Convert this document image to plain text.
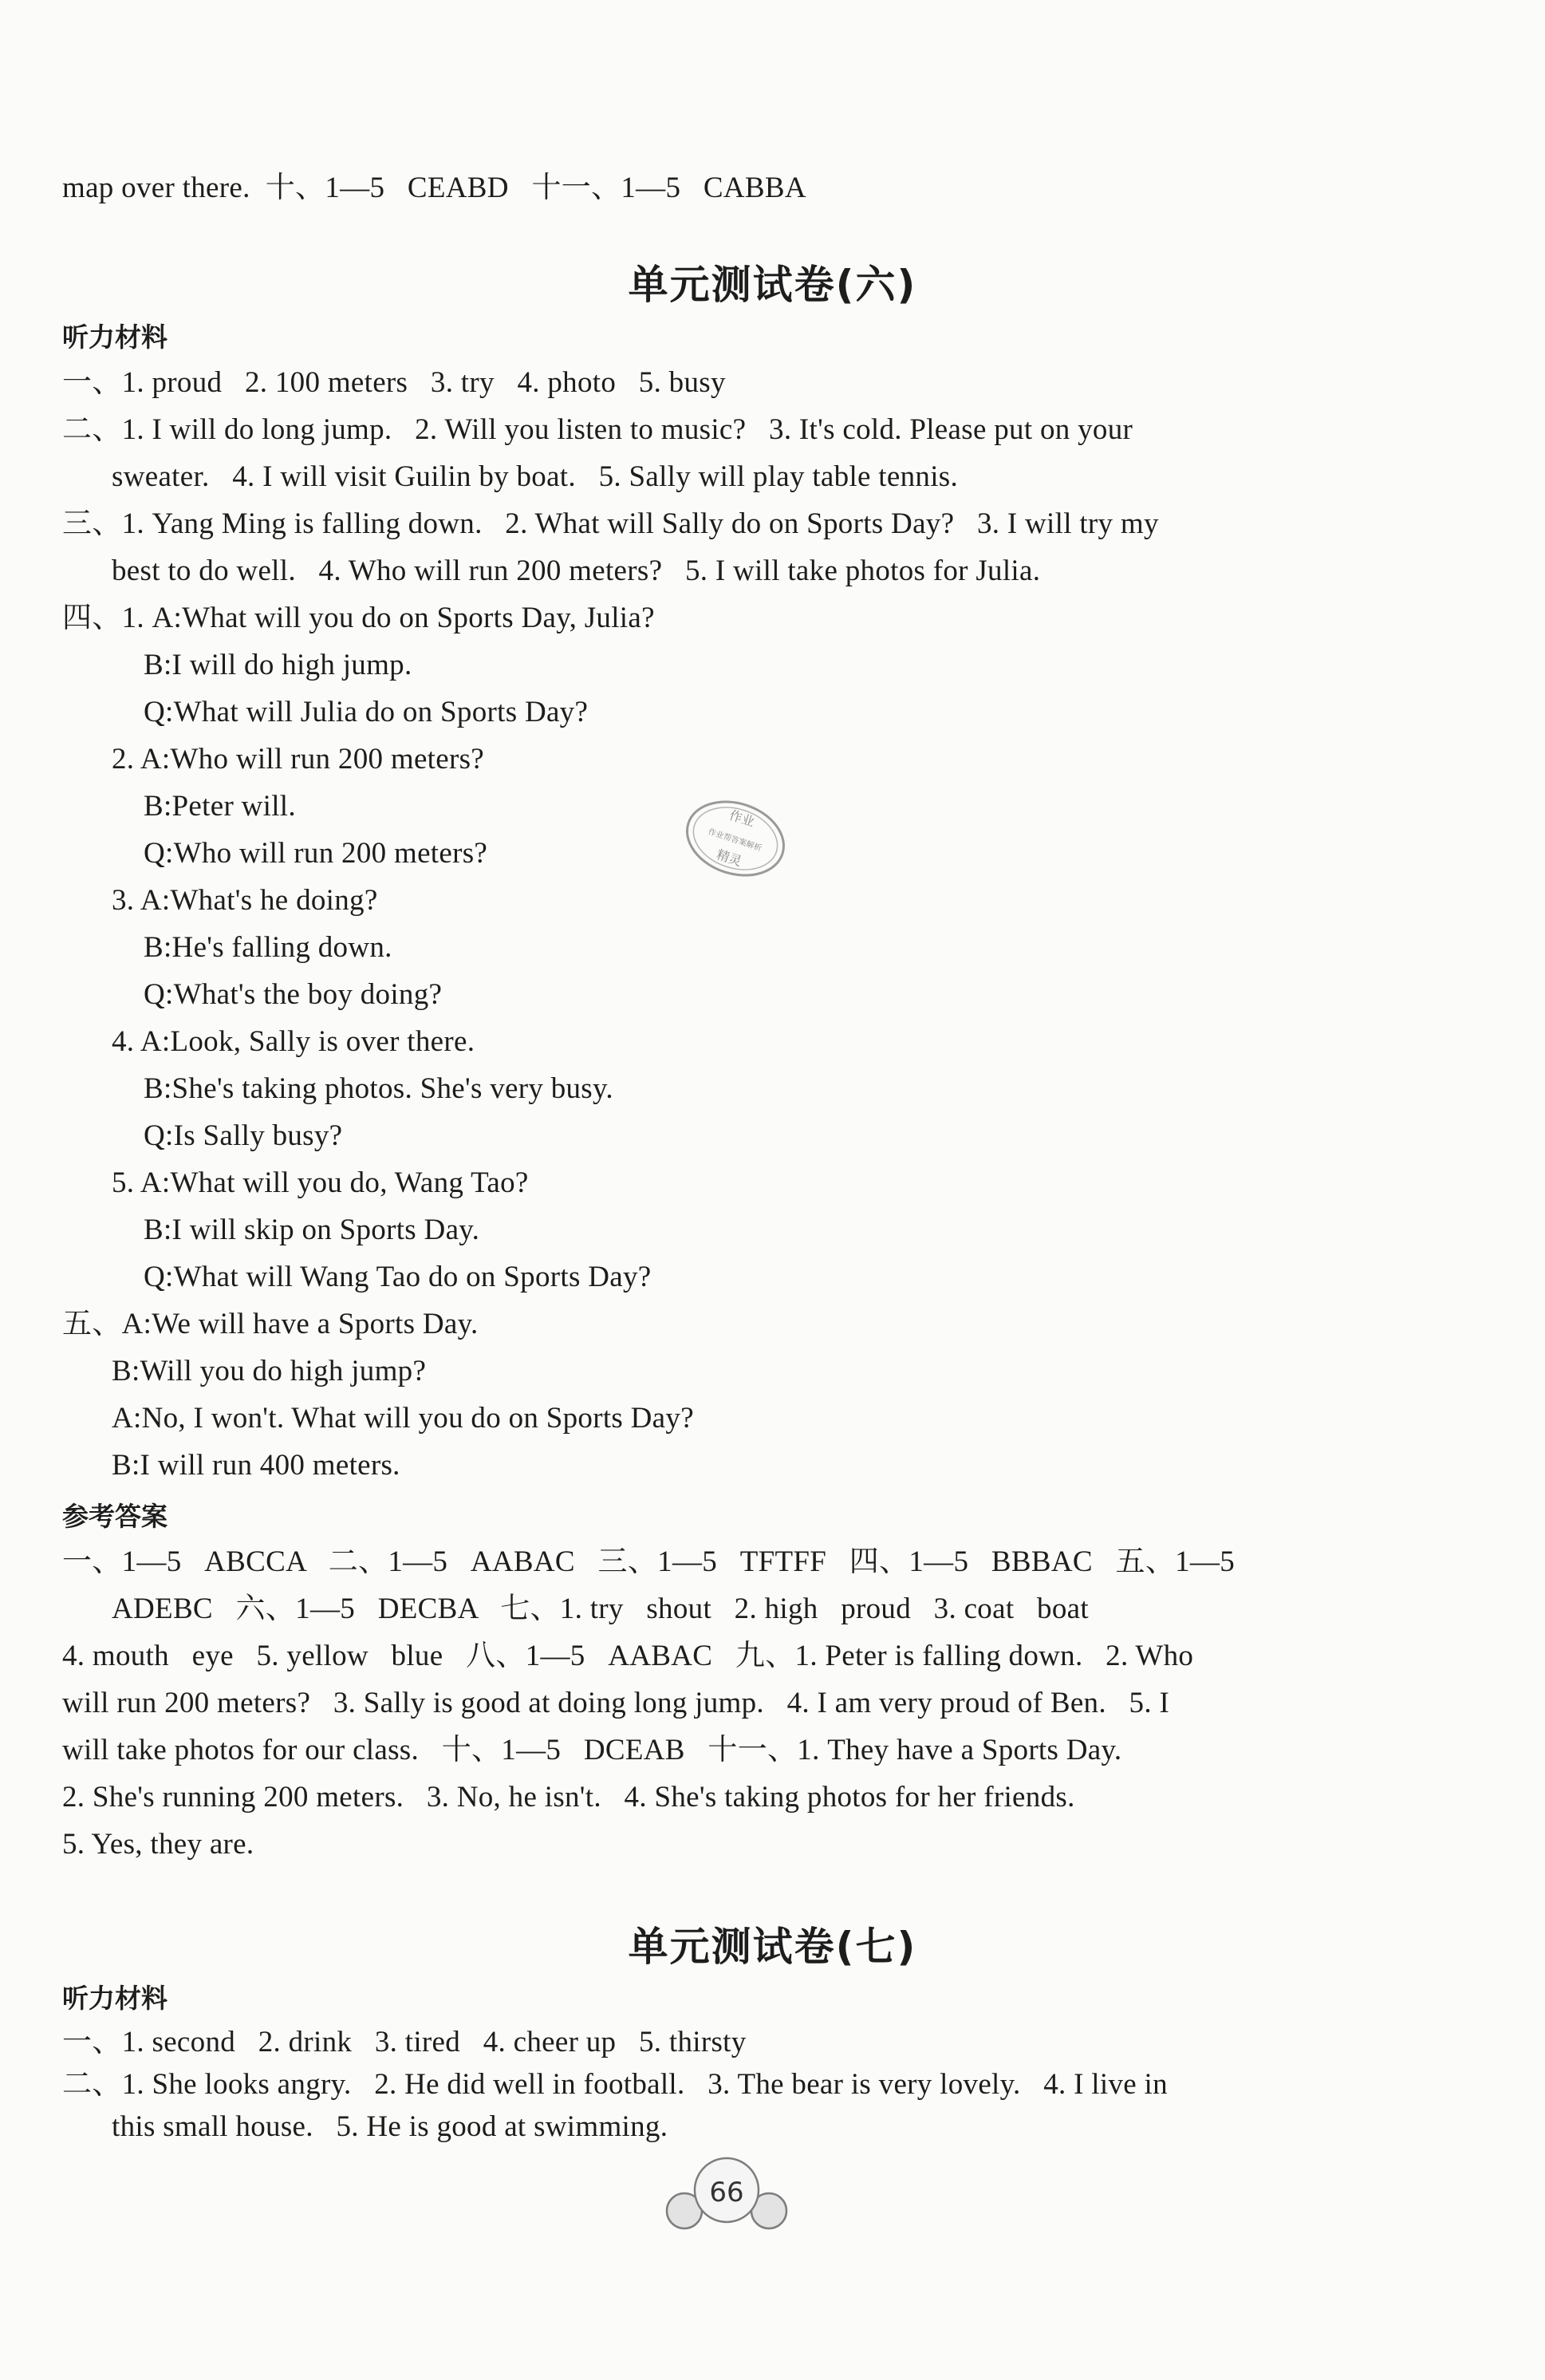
map over there.  十、1—5   CEABD   十一、1—5   CABBA
单元测试卷(六)
听力材料
一、1. proud   2. 100 meters   3. try   4. photo   5. busy
二、1. I will do long jump.   2. Will you listen to music?   3. It's cold. Please put on your
sweater.   4. I will visit Guilin by boat.   5. Sally will play table tennis.
三、1. Yang Ming is falling down.   2. What will Sally do on Sports Day?   3. I will try my
best to do well.   4. Who will run 200 meters?   5. I will take photos for Julia.
四、1. A:What will you do on Sports Day, Julia?
B:I will do high jump.
Q:What will Julia do on Sports Day?
2. A:Who will run 200 meters?
B:Peter will.
Q:Who will run 200 meters?
3. A:What's he doing?
B:He's falling down.
Q:What's the boy doing?
4. A:Look, Sally is over there.
B:She's taking photos. She's very busy.
Q:Is Sally busy?
5. A:What will you do, Wang Tao?
B:I will skip on Sports Day.
Q:What will Wang Tao do on Sports Day?
五、A:We will have a Sports Day.
B:Will you do high jump?
A:No, I won't. What will you do on Sports Day?
B:I will run 400 meters.
参考答案
一、1—5   ABCCA   二、1—5   AABAC   三、1—5   TFTFF   四、1—5   BBBAC   五、1—5
ADEBC   六、1—5   DECBA   七、1. try   shout   2. high   proud   3. coat   boat
4. mouth   eye   5. yellow   blue   八、1—5   AABAC   九、1. Peter is falling down.   2. Who
will run 200 meters?   3. Sally is good at doing long jump.   4. I am very proud of Ben.   5. I
will take photos for our class.   十、1—5   DCEAB   十一、1. They have a Sports Day.
2. She's running 200 meters.   3. No, he isn't.   4. She's taking photos for her friends.
5. Yes, they are.
单元测试卷(七)
听力材料
一、1. second   2. drink   3. tired   4. cheer up   5. thirsty
二、1. She looks angry.   2. He did well in football.   3. The bear is very lovely.   4. I live in
this small house.   5. He is good at swimming.
作业
作业帮答案解析
精灵
66
